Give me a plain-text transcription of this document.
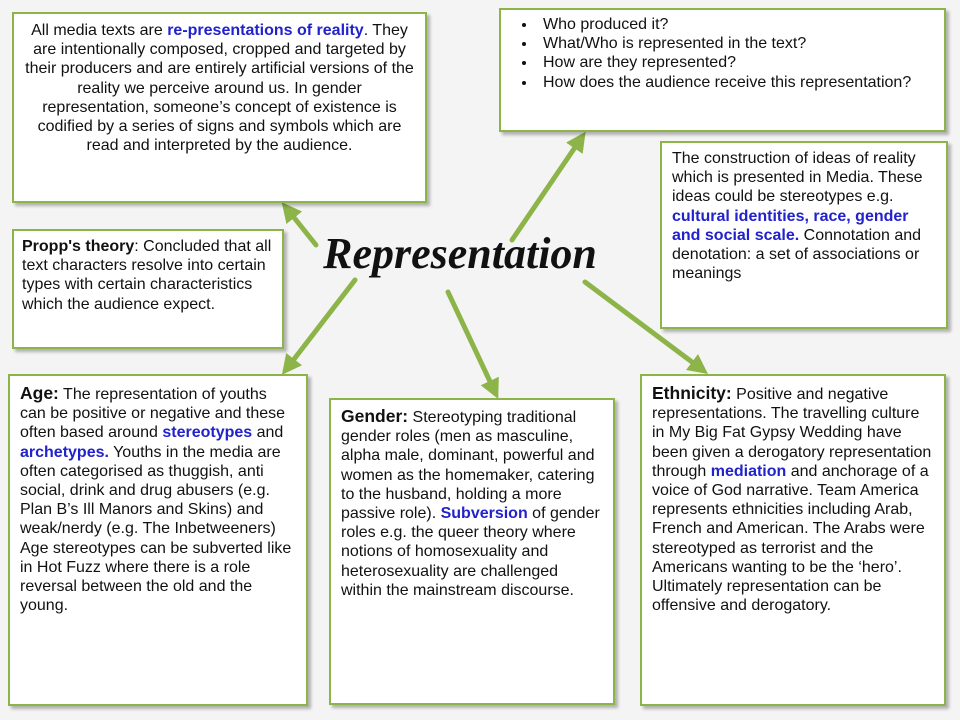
All media texts are re-presentations of reality. They are intentionally composed, cropped and targeted by their producers and are entirely artificial versions of the reality we perceive around us. In gender representation, someone’s concept of existence is codified by a series of signs and symbols which are read and interpreted by the audience.
• Who produced it?
• What/Who is represented in the text?
• How are they represented?
• How does the audience receive this representation?
The construction of ideas of reality which is presented in Media. These ideas could be stereotypes e.g. cultural identities, race, gender and social scale. Connotation and denotation: a set of associations or meanings
Propp's theory: Concluded that all text characters resolve into certain types with certain characteristics which the audience expect.
Representation
Age: The representation of youths can be positive or negative and these often based around stereotypes and archetypes. Youths in the media are often categorised as thuggish, anti social, drink and drug abusers (e.g. Plan B’s Ill Manors and Skins) and weak/nerdy (e.g. The Inbetweeners) Age stereotypes can be subverted like in Hot Fuzz where there is a role reversal between the old and the young.
Gender: Stereotyping traditional gender roles (men as masculine, alpha male, dominant, powerful and women as the homemaker, catering to the husband, holding a more passive role). Subversion of gender roles e.g. the queer theory where notions of homosexuality and heterosexuality are challenged within the mainstream discourse.
Ethnicity: Positive and negative representations. The travelling culture in My Big Fat Gypsy Wedding have been given a derogatory representation through mediation and anchorage of a voice of God narrative. Team America represents ethnicities including Arab, French and American. The Arabs were stereotyped as terrorist and the Americans wanting to be the ‘hero’. Ultimately representation can be offensive and derogatory.
